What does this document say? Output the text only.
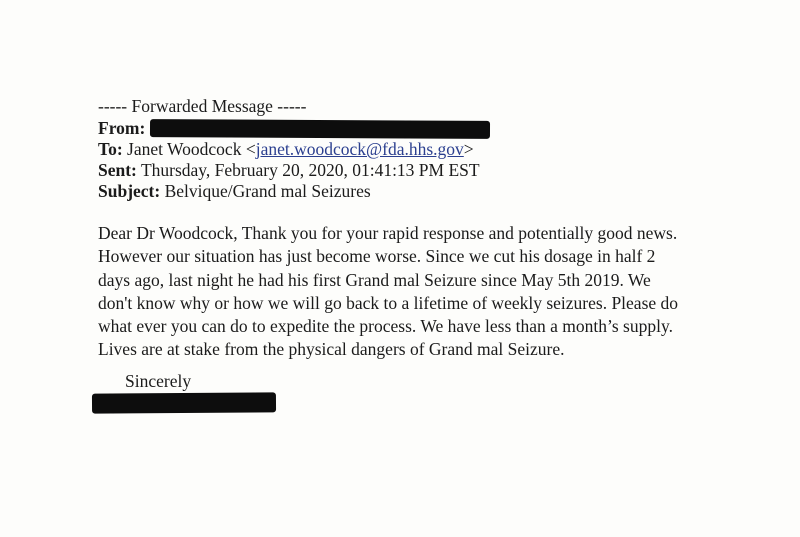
----- Forwarded Message -----
From:
To: Janet Woodcock <janet.woodcock@fda.hhs.gov>
Sent: Thursday, February 20, 2020, 01:41:13 PM EST
Subject: Belvique/Grand mal Seizures

Dear Dr Woodcock, Thank you for your rapid response and potentially good news.

However our situation has just become worse. Since we cut his dosage in half 2

days ago, last night he had his first Grand mal Seizure since May 5th 2019. We

don't know why or how we will go back to a lifetime of weekly seizures. Please do

what ever you can do to expedite the process. We have less than a month’s supply.

Lives are at stake from the physical dangers of Grand mal Seizure.

Sincerely
